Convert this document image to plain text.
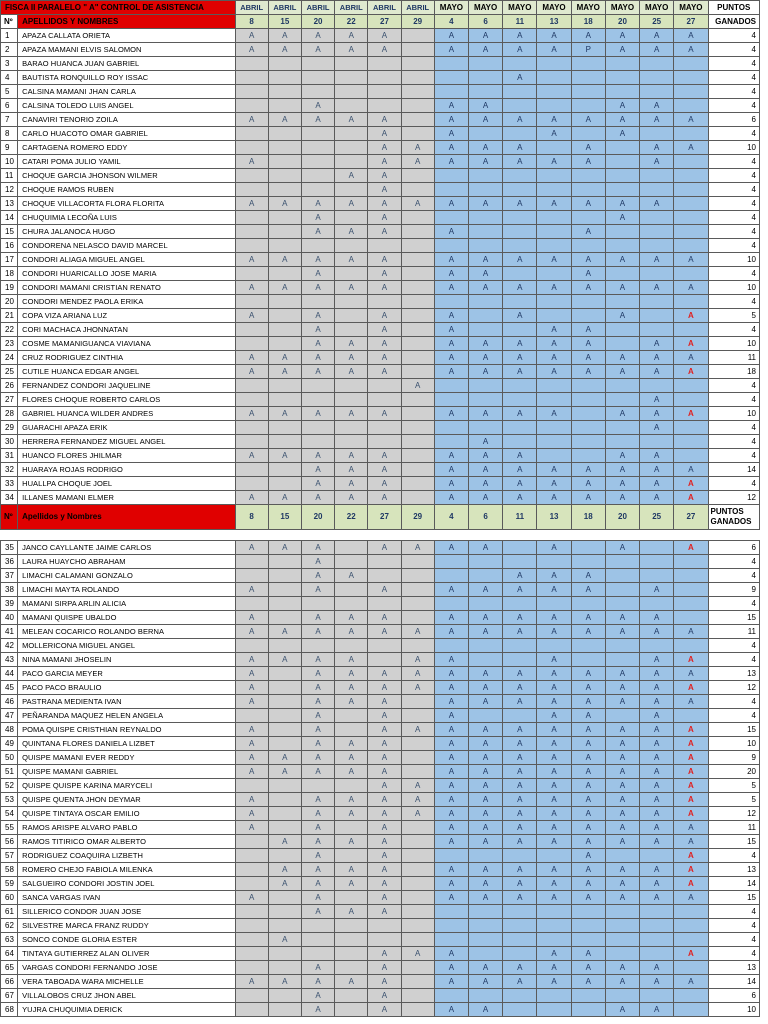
FISCA II PARALELO " A" CONTROL DE ASISTENCIA		ABRIL	ABRIL	ABRIL	ABRIL	ABRIL	ABRIL	MAYO	MAYO	MAYO	MAYO	MAYO	MAYO	MAYO	MAYO	PUNTOS
Nº	APELLIDOS Y NOMBRES	8	15	20	22	27	29	4	6	11	13	18	20	25	27	GANADOS
1	APAZA CALLATA ORIETA	A	A	A	A	A		A	A	A	A	A	A	A	A	4
2	APAZA MAMANI ELVIS SALOMON	A	A	A	A	A		A	A	A	A	P	A	A	A	4
3	BARAO HUANCA JUAN GABRIEL															4
4	BAUTISTA RONQUILLO ROY ISSAC									A						4
5	CALSINA MAMANI JHAN CARLA															4
6	CALSINA TOLEDO LUIS ANGEL			A				A	A				A	A		4
7	CANAVIRI TENORIO ZOILA	A	A	A	A	A		A	A	A	A	A	A	A	A	6
8	CARLO HUACOTO OMAR GABRIEL					A		A			A		A			4
9	CARTAGENA ROMERO EDDY					A	A	A	A	A		A		A	A	10
10	CATARI POMA JULIO YAMIL	A				A	A	A	A	A	A	A		A		4
11	CHOQUE GARCIA JHONSON WILMER				A	A										4
12	CHOQUE RAMOS RUBEN					A										4
13	CHOQUE VILLACORTA FLORA FLORITA	A	A	A	A	A	A	A	A	A	A	A	A	A		4
14	CHUQUIMIA LECOÑA LUIS			A		A							A			4
15	CHURA JALANOCA HUGO			A	A	A		A				A				4
16	CONDORENA NELASCO DAVID MARCEL															4
17	CONDORI ALIAGA MIGUEL ANGEL	A	A	A	A	A		A	A	A	A	A	A	A	A	10
18	CONDORI HUARICALLO JOSE MARIA			A		A		A	A			A				4
19	CONDORI MAMANI CRISTIAN RENATO	A	A	A	A	A		A	A	A	A	A	A	A	A	10
20	CONDORI MENDEZ PAOLA ERIKA															4
21	COPA VIZA ARIANA LUZ	A		A		A		A		A			A		A	5
22	CORI MACHACA JHONNATAN			A		A		A			A	A				4
23	COSME MAMANIGUANCA VIAVIANA			A	A	A		A	A	A	A	A		A	A	10
24	CRUZ RODRIGUEZ CINTHIA	A	A	A	A	A		A	A	A	A	A	A	A	A	11
25	CUTILE HUANCA EDGAR ANGEL	A	A	A	A	A		A	A	A	A	A	A	A	A	18
26	FERNANDEZ CONDORI JAQUELINE						A									4
27	FLORES CHOQUE ROBERTO CARLOS													A		4
28	GABRIEL HUANCA WILDER ANDRES	A	A	A	A	A		A	A	A	A		A	A	A	10
29	GUARACHI APAZA ERIK													A		4
30	HERRERA FERNANDEZ MIGUEL ANGEL								A							4
31	HUANCO FLORES JHILMAR	A	A	A	A	A		A	A	A			A	A		4
32	HUARAYA ROJAS RODRIGO			A	A	A		A	A	A	A	A	A	A	A	14
33	HUALLPA CHOQUE JOEL			A	A	A		A	A	A	A	A	A	A	A	4
34	ILLANES MAMANI ELMER	A	A	A	A	A		A	A	A	A	A	A	A	A	12
Nº	Apellidos y Nombres	8	15	20	22	27	29	4	6	11	13	18	20	25	27	PUNTOS GANADOS

35	JANCO CAYLLANTE JAIME CARLOS	A	A	A		A	A	A	A		A		A		A	6
36	LAURA HUAYCHO ABRAHAM			A												4
37	LIMACHI CALAMANI GONZALO			A	A					A	A	A				4
38	LIMACHI MAYTA ROLANDO	A		A		A		A	A	A	A	A		A		9
39	MAMANI SIRPA ARLIN ALICIA															4
40	MAMANI QUISPE UBALDO	A		A	A	A		A	A	A	A	A	A	A		15
41	MELEAN COCARICO ROLANDO BERNA	A	A	A	A	A	A	A	A	A	A	A	A	A	A	11
42	MOLLERICONA MIGUEL ANGEL															4
43	NINA MAMANI JHOSELIN	A	A	A	A		A	A			A			A	A	4
44	PACO GARCIA MEYER	A		A	A	A	A	A	A	A	A	A	A	A	A	13
45	PACO PACO BRAULIO	A		A	A	A	A	A	A	A	A	A	A	A	A	12
46	PASTRANA MEDIENTA IVAN	A		A	A	A		A	A	A	A	A	A	A	A	4
47	PEÑARANDA MAQUEZ HELEN ANGELA			A		A		A			A	A		A		4
48	POMA QUISPE CRISTHIAN REYNALDO	A		A		A	A	A	A	A	A	A	A	A	A	15
49	QUINTANA FLORES DANIELA LIZBET	A		A	A	A		A	A	A	A	A	A	A	A	10
50	QUISPE MAMANI EVER REDDY	A	A	A	A	A		A	A	A	A	A	A	A	A	9
51	QUISPE MAMANI GABRIEL	A	A	A	A	A		A	A	A	A	A	A	A	A	20
52	QUISPE QUISPE KARINA MARYCELI					A	A	A	A	A	A	A	A	A	A	5
53	QUISPE QUENTA JHON DEYMAR	A		A	A	A	A	A	A	A	A	A	A	A	A	5
54	QUISPE TINTAYA OSCAR EMILIO	A		A	A	A	A	A	A	A	A	A	A	A	A	12
55	RAMOS ARISPE ALVARO PABLO	A		A		A		A	A	A	A	A	A	A	A	11
56	RAMOS TITIRICO OMAR ALBERTO		A	A	A	A		A	A	A	A	A	A	A	A	15
57	RODRIGUEZ COAQUIRA LIZBETH			A		A						A			A	4
58	ROMERO CHEJO FABIOLA MILENKA		A	A	A	A		A	A	A	A	A	A	A	A	13
59	SALGUEIRO CONDORI JOSTIN JOEL		A	A	A	A		A	A	A	A	A	A	A	A	14
60	SANCA VARGAS IVAN	A		A		A		A	A	A	A	A	A	A	A	15
61	SILLERICO CONDOR JUAN JOSE			A	A	A										4
62	SILVESTRE MARCA FRANZ RUDDY															4
63	SONCO CONDE GLORIA ESTER		A													4
64	TINTAYA GUTIERREZ ALAN OLIVER					A	A	A			A	A			A	4
65	VARGAS CONDORI FERNANDO JOSE			A		A		A	A	A	A	A	A	A		13
66	VERA TABOADA WARA MICHELLE	A	A	A	A	A		A	A	A	A	A	A	A	A	14
67	VILLALOBOS CRUZ JHON ABEL			A		A										6
68	YUJRA CHUQUIMIA DERICK			A		A		A	A				A	A		10
